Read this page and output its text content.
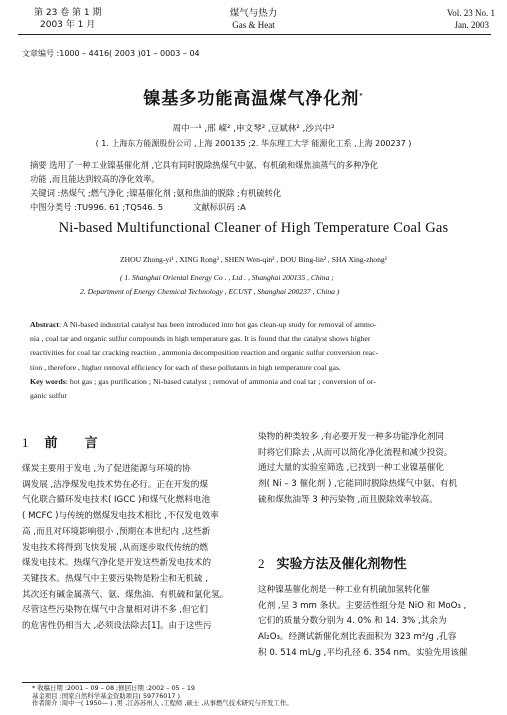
第 23 卷 第 1 期
2003 年 1 月
煤气与热力
Gas & Heat
Vol. 23 No. 1
Jan. 2003
文章编号 :1000 – 4416( 2003 )01 – 0003 – 04
镍基多功能高温煤气净化剂*
周中一¹ ,邢 嵘² ,申文琴² ,豆斌林² ,沙兴中²
( 1. 上海东方能源股份公司 ,上海 200135 ;2. 华东理工大学 能源化工系 ,上海 200237 )
摘要 选用了一种工业镍基催化剂 ,它具有同时脱除热煤气中氨、有机硫和煤焦油蒸气的多种净化
功能 ,而且能达到较高的净化效率。
关键词 :热煤气 ;燃气净化 ;镍基催化剂 ;氨和焦油的脱除 ;有机硫转化
中图分类号 :TU996. 61 ;TQ546. 5	文献标识码 :A
Ni-based Multifunctional Cleaner of High Temperature Coal Gas
ZHOU Zhong-yi¹ , XING Rong² , SHEN Wen-qin² , DOU Bing-lin² , SHA Xing-zhong²
( 1. Shanghai Oriental Energy Co . , Ltd . , Shanghai 200135 , China ;
2. Department of Energy Chemical Technology , ECUST , Shanghai 200237 , China )
Abstract: A Ni-based industrial catalyst has been introduced into hot gas clean-up study for removal of ammo-
nia , coal tar and organic sulfur compounds in high temperature gas. It is found that the catalyst shows higher
reactivities for coal tar cracking reaction , ammonia decomposition reaction and organic sulfur conversion reac-
tion , therefore , higher removal efficiency for each of these pollutants in high temperature coal gas.
Key words: hot gas ; gas purification ; Ni-based catalyst ; removal of ammonia and coal tar ; conversion of or-
ganic sulfur
1 前      言
煤炭主要用于发电 ,为了促进能源与环境的协
调发展 ,洁净煤发电技术势在必行。正在开发的煤
气化联合循环发电技术( IGCC )和煤气化燃料电池
( MCFC )与传统的燃煤发电技术相比 ,不仅发电效率
高 ,而且对环境影响很小 ,预期在本世纪内 ,这些新
发电技术将得到飞快发展 ,从而逐步取代传统的燃
煤发电技术。热煤气净化是开发这些新发电技术的
关键技术。热煤气中主要污染物是粉尘和无机硫 ,
其次还有碱金属蒸气、氨、煤焦油、有机硫和氯化氢。
尽管这些污染物在煤气中含量相对讲不多 ,但它们
的危害性仍相当大 ,必须设法除去[1]。由于这些污
染物的种类较多 ,有必要开发一种多功能净化剂同
时将它们除去 ,从而可以简化净化流程和减少投资。
通过大量的实验室筛选 ,已找到一种工业镍基催化
剂( Ni – 3 催化剂 ) ,它能同时脱除热煤气中氨、有机
硫和煤焦油等 3 种污染物 ,而且脱除效率较高。
2 实验方法及催化剂物性
这种镍基催化剂是一种工业有机硫加氢转化催
化剂 ,呈 3 mm 条状。主要活性组分是 NiO 和 MoO₃ ,
它们的质量分数分别为 4. 0% 和 14. 3% ,其余为
Al₂O₃。经测试新催化剂比表面积为 323 m²/g ,孔容
积 0. 514 mL/g ,平均孔径 6. 354 nm。实验先用该催
* 收稿日期 :2001 – 09 – 08 ;修回日期 :2002 – 05 – 19
基金项目 :国家自然科学基金资助项目( 59776017 )
作者简介 :周中一( 1950— ) ,男 ,江苏苏州人 ,工程师 ,硕士 ,从事燃气技术研究与开发工作。
